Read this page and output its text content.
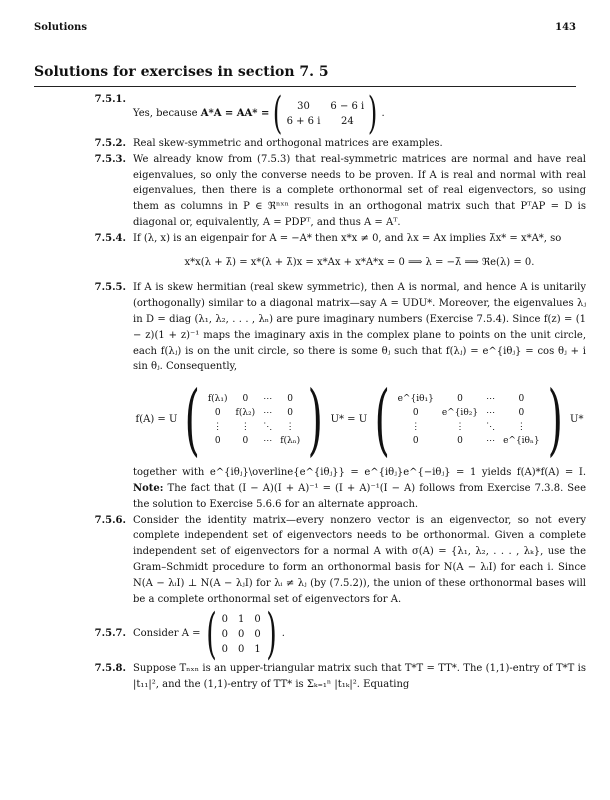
Solutions	143
Solutions for exercises in section 7. 5
7.5.1.
Yes, because
A*A = AA* = (	30	6 − 6 i
6 + 6 i	24 ) .
7.5.2. Real skew-symmetric and orthogonal matrices are examples.
7.5.3. We already know from (7.5.3) that real-symmetric matrices are normal and have real eigenvalues, so only the converse needs to be proven. If A is real and normal with real eigenvalues, then there is a complete orthonormal set of real eigenvectors, so using them as columns in P ∈ ℜⁿˣⁿ results in an orthogonal matrix such that PᵀAP = D is diagonal or, equivalently, A = PDPᵀ, and thus A = Aᵀ.
7.5.4. If (λ, x) is an eigenpair for A = −A* then x*x ≠ 0, and λx = Ax implies λ̄x* = x*A*, so
x*x(λ + λ̄) = x*(λ + λ̄)x = x*Ax + x*A*x = 0 ⟹ λ = −λ̄ ⟹ ℜe(λ) = 0.
7.5.5. If A is skew hermitian (real skew symmetric), then A is normal, and hence A is unitarily (orthogonally) similar to a diagonal matrix—say A = UDU*. Moreover, the eigenvalues λⱼ in D = diag (λ₁, λ₂, . . . , λₙ) are pure imaginary numbers (Exercise 7.5.4). Since f(z) = (1 − z)(1 + z)⁻¹ maps the imaginary axis in the complex plane to points on the unit circle, each f(λⱼ) is on the unit circle, so there is some θⱼ such that f(λⱼ) = e^{iθⱼ} = cos θⱼ + i sin θⱼ. Consequently,
f(A) = U ( f(λ₁)	0	⋯	0
0	f(λ₂) ⋯	0
⋮	⋮	⋱	⋮
0	0	⋯ f(λₙ) ) U* = U ( e^{iθ₁}	0	⋯	0
0	e^{iθ₂} ⋯	0
⋮	⋮	⋱	⋮
0	0	⋯ e^{iθₙ} ) U*
together with e^{iθⱼ}\overline{e^{iθⱼ}} = e^{iθⱼ}e^{−iθⱼ} = 1 yields f(A)*f(A) = I. Note: The fact that (I − A)(I + A)⁻¹ = (I + A)⁻¹(I − A) follows from Exercise 7.3.8. See the solution to Exercise 5.6.6 for an alternate approach.
7.5.6. Consider the identity matrix—every nonzero vector is an eigenvector, so not every complete independent set of eigenvectors needs to be orthonormal. Given a complete independent set of eigenvectors for a normal A with σ(A) = {λ₁, λ₂, . . . , λₖ}, use the Gram–Schmidt procedure to form an orthonormal basis for N(A − λᵢI) for each i. Since N(A − λᵢI) ⊥ N(A − λⱼI) for λᵢ ≠ λⱼ (by (7.5.2)), the union of these orthonormal bases will be a complete orthonormal set of eigenvectors for A.
7.5.7. Consider A = ( 0 1 0
0 0 0
0 0 1 ) .
7.5.8. Suppose Tₙₓₙ is an upper-triangular matrix such that T*T = TT*. The (1,1)-entry of T*T is |t₁₁|², and the (1,1)-entry of TT* is Σₖ₌₁ⁿ |t₁ₖ|². Equating
